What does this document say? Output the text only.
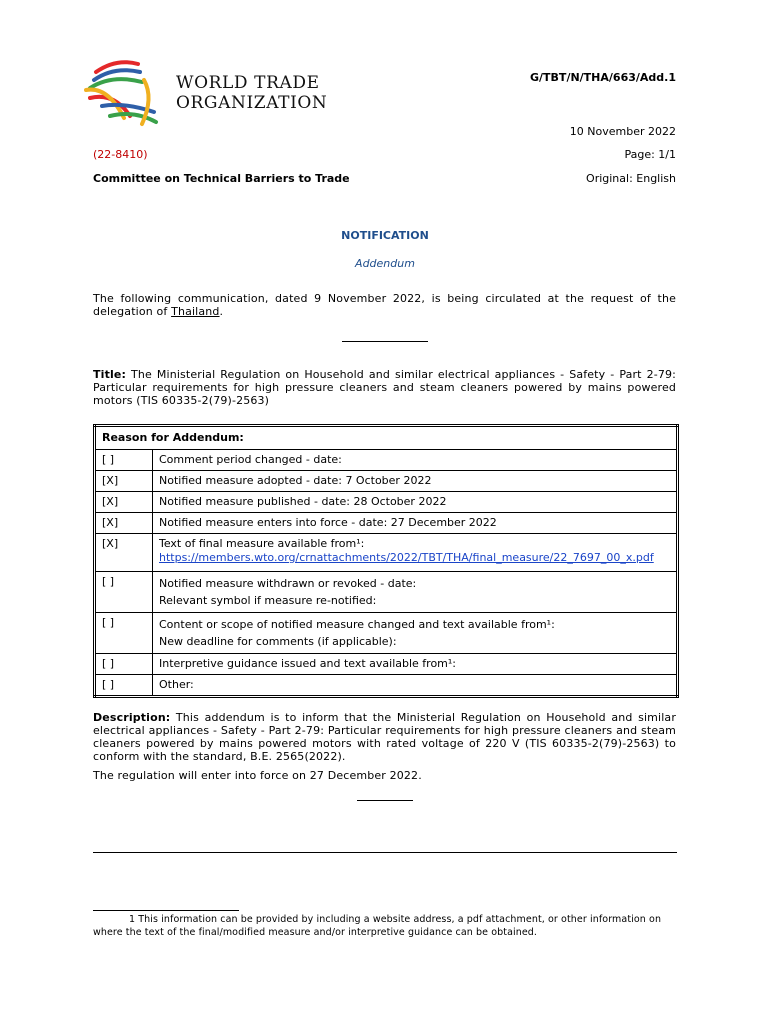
WORLD TRADE
ORGANIZATION
G/TBT/N/THA/663/Add.1
10 November 2022
(22-8410)	Page: 1/1
Committee on Technical Barriers to Trade	Original: English
NOTIFICATION
Addendum
The following communication, dated 9 November 2022, is being circulated at the request of the delegation of Thailand.
Title: The Ministerial Regulation on Household and similar electrical appliances - Safety - Part 2-79: Particular requirements for high pressure cleaners and steam cleaners powered by mains powered motors (TIS 60335-2(79)-2563)
Reason for Addendum:	
[ ]	Comment period changed - date:
[X]	Notified measure adopted - date: 7 October 2022
[X]	Notified measure published - date: 28 October 2022
[X]	Notified measure enters into force - date: 27 December 2022
[X]	Text of final measure available from¹:
https://members.wto.org/crnattachments/2022/TBT/THA/final_measure/22_7697_00_x.pdf
[ ]	Notified measure withdrawn or revoked - date:
Relevant symbol if measure re-notified:

[ ]	Content or scope of notified measure changed and text available from¹:
New deadline for comments (if applicable):

[ ]	Interpretive guidance issued and text available from¹:
[ ]	Other:
Description: This addendum is to inform that the Ministerial Regulation on Household and similar electrical appliances - Safety - Part 2-79: Particular requirements for high pressure cleaners and steam cleaners powered by mains powered motors with rated voltage of 220 V (TIS 60335-2(79)-2563) to conform with the standard, B.E. 2565(2022).
The regulation will enter into force on 27 December 2022.
1 This information can be provided by including a website address, a pdf attachment, or other information on where the text of the final/modified measure and/or interpretive guidance can be obtained.
